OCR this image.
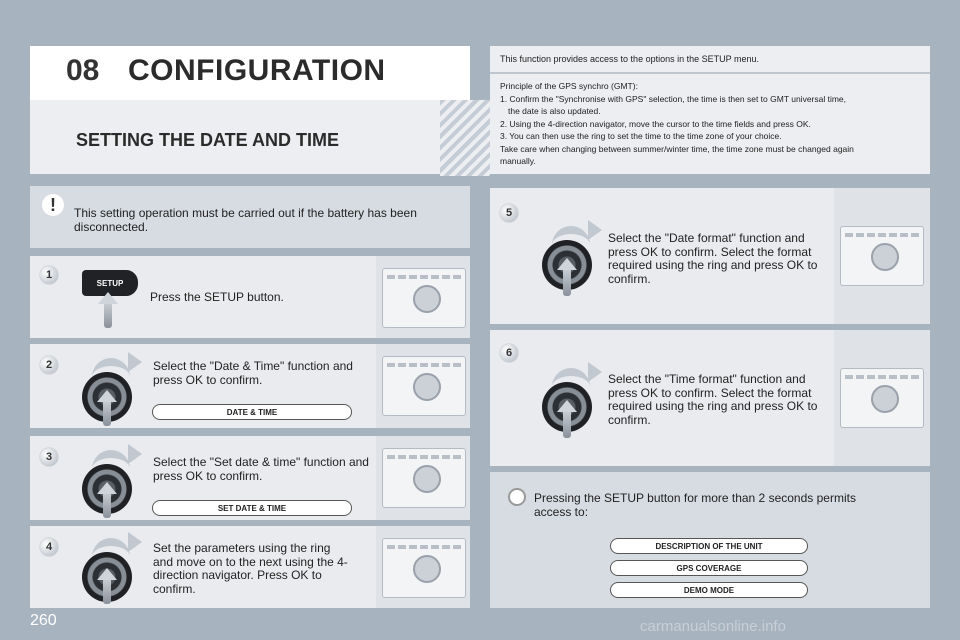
08 CONFIGURATION
SETTING THE DATE AND TIME
This function provides access to the options in the SETUP menu.
Principle of the GPS synchro (GMT):
1. Confirm the "Synchronise with GPS" selection, the time is then set to GMT universal time,
the date is also updated.
2. Using the 4-direction navigator, move the cursor to the time fields and press OK.
3. You can then use the ring to set the time to the time zone of your choice.
Take care when changing between summer/winter time, the time zone must be changed again
manually.
!	This setting operation must be carried out if the battery has been disconnected.
1
SETUP
Press the SETUP button.
2	Select the "Date & Time" function and press OK to confirm.
DATE & TIME
3	Select the "Set date & time" function and press OK to confirm.
SET DATE & TIME
4	Set the parameters using the ring and move on to the next using the 4-direction navigator. Press OK to confirm.
5
Select the "Date format" function and press OK to confirm. Select the format required using the ring and press OK to confirm.
6
Select the "Time format" function and press OK to confirm. Select the format required using the ring and press OK to confirm.
Pressing the SETUP button for more than 2 seconds permits access to:
DESCRIPTION OF THE UNIT
GPS COVERAGE
DEMO MODE
260	carmanualsonline.info
